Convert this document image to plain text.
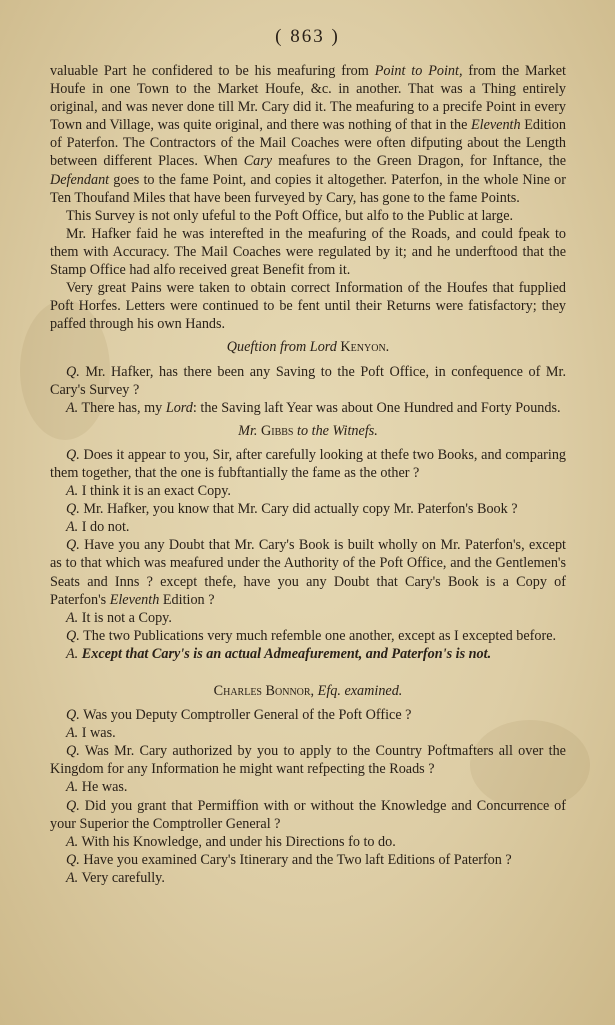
( 863 )

valuable Part he confidered to be his meafuring from Point to Point, from the Market Houfe in one Town to the Market Houfe, &c. in another. That was a Thing entirely original, and was never done till Mr. Cary did it. The meafuring to a precife Point in every Town and Village, was quite original, and there was nothing of that in the Eleventh Edition of Paterfon. The Contractors of the Mail Coaches were often difputing about the Length between different Places. When Cary meafures to the Green Dragon, for Inftance, the Defendant goes to the fame Point, and copies it altogether. Paterfon, in the whole Nine or Ten Thoufand Miles that have been furveyed by Cary, has gone to the fame Points.

This Survey is not only ufeful to the Poft Office, but alfo to the Public at large.

Mr. Hafker faid he was interefted in the meafuring of the Roads, and could fpeak to them with Accuracy. The Mail Coaches were regulated by it; and he underftood that the Stamp Office had alfo received great Benefit from it.

Very great Pains were taken to obtain correct Information of the Houfes that fupplied Poft Horfes. Letters were continued to be fent until their Returns were fatisfactory; they paffed through his own Hands.

Queftion from Lord Kenyon.

Q. Mr. Hafker, has there been any Saving to the Poft Office, in confequence of Mr. Cary's Survey ?

A. There has, my Lord: the Saving laft Year was about One Hundred and Forty Pounds.

Mr. Gibbs to the Witnefs.

Q. Does it appear to you, Sir, after carefully looking at thefe two Books, and comparing them together, that the one is fubftantially the fame as the other ?

A. I think it is an exact Copy.

Q. Mr. Hafker, you know that Mr. Cary did actually copy Mr. Paterfon's Book ?

A. I do not.

Q. Have you any Doubt that Mr. Cary's Book is built wholly on Mr. Paterfon's, except as to that which was meafured under the Authority of the Poft Office, and the Gentlemen's Seats and Inns ? except thefe, have you any Doubt that Cary's Book is a Copy of Paterfon's Eleventh Edition ?

A. It is not a Copy.

Q. The two Publications very much refemble one another, except as I excepted before.

A. Except that Cary's is an actual Admeafurement, and Paterfon's is not.

Charles Bonnor, Efq. examined.

Q. Was you Deputy Comptroller General of the Poft Office ?

A. I was.

Q. Was Mr. Cary authorized by you to apply to the Country Poftmafters all over the Kingdom for any Information he might want refpecting the Roads ?

A. He was.

Q. Did you grant that Permiffion with or without the Knowledge and Concurrence of your Superior the Comptroller General ?

A. With his Knowledge, and under his Directions fo to do.

Q. Have you examined Cary's Itinerary and the Two laft Editions of Paterfon ?

A. Very carefully.
